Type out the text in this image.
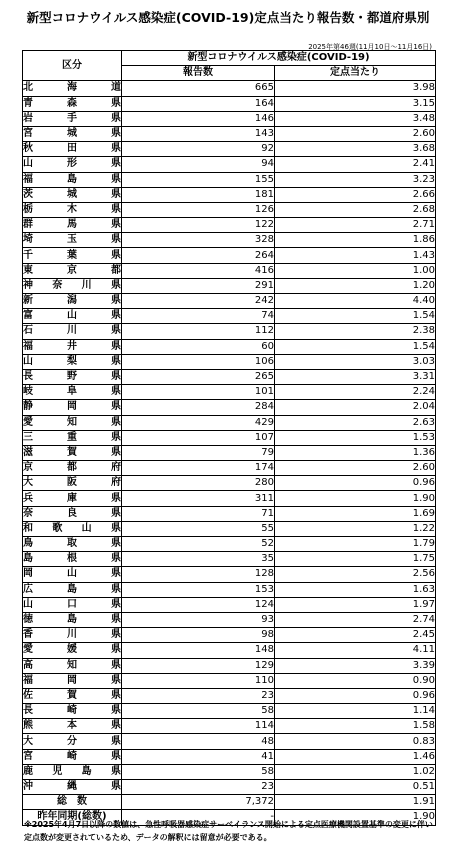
新型コロナウイルス感染症(COVID-19)定点当たり報告数・都道府県別
2025年第46週(11月10日〜11月16日)
区分	新型コロナウイルス感染症(COVID-19)	
	報告数	定点当たり

北 海 道	665	3.98

青 森 県	164	3.15

岩 手 県	146	3.48

宮 城 県	143	2.60

秋 田 県	92	3.68

山 形 県	94	2.41

福 島 県	155	3.23

茨 城 県	181	2.66

栃 木 県	126	2.68

群 馬 県	122	2.71

埼 玉 県	328	1.86

千 葉 県	264	1.43

東 京 都	416	1.00

神 奈 川 県	291	1.20

新 潟 県	242	4.40

富 山 県	74	1.54

石 川 県	112	2.38

福 井 県	60	1.54

山 梨 県	106	3.03

長 野 県	265	3.31

岐 阜 県	101	2.24

静 岡 県	284	2.04

愛 知 県	429	2.63

三 重 県	107	1.53

滋 賀 県	79	1.36

京 都 府	174	2.60

大 阪 府	280	0.96

兵 庫 県	311	1.90

奈 良 県	71	1.69

和 歌 山 県	55	1.22

鳥 取 県	52	1.79

島 根 県	35	1.75

岡 山 県	128	2.56

広 島 県	153	1.63

山 口 県	124	1.97

徳 島 県	93	2.74

香 川 県	98	2.45

愛 媛 県	148	4.11

高 知 県	129	3.39

福 岡 県	110	0.90

佐 賀 県	23	0.96

長 崎 県	58	1.14

熊 本 県	114	1.58

大 分 県	48	0.83

宮 崎 県	41	1.46

鹿 児 島 県	58	1.02

沖 縄 県	23	0.51
総　数	7,372	1.91
昨年同期(総数)	-	1.90
※2025年4月7日以降の数値は、急性呼吸器感染症サーベイランス開始による定点医療機関設置基準の変更に伴い定点数が変更されているため、データの解釈には留意が必要である。
